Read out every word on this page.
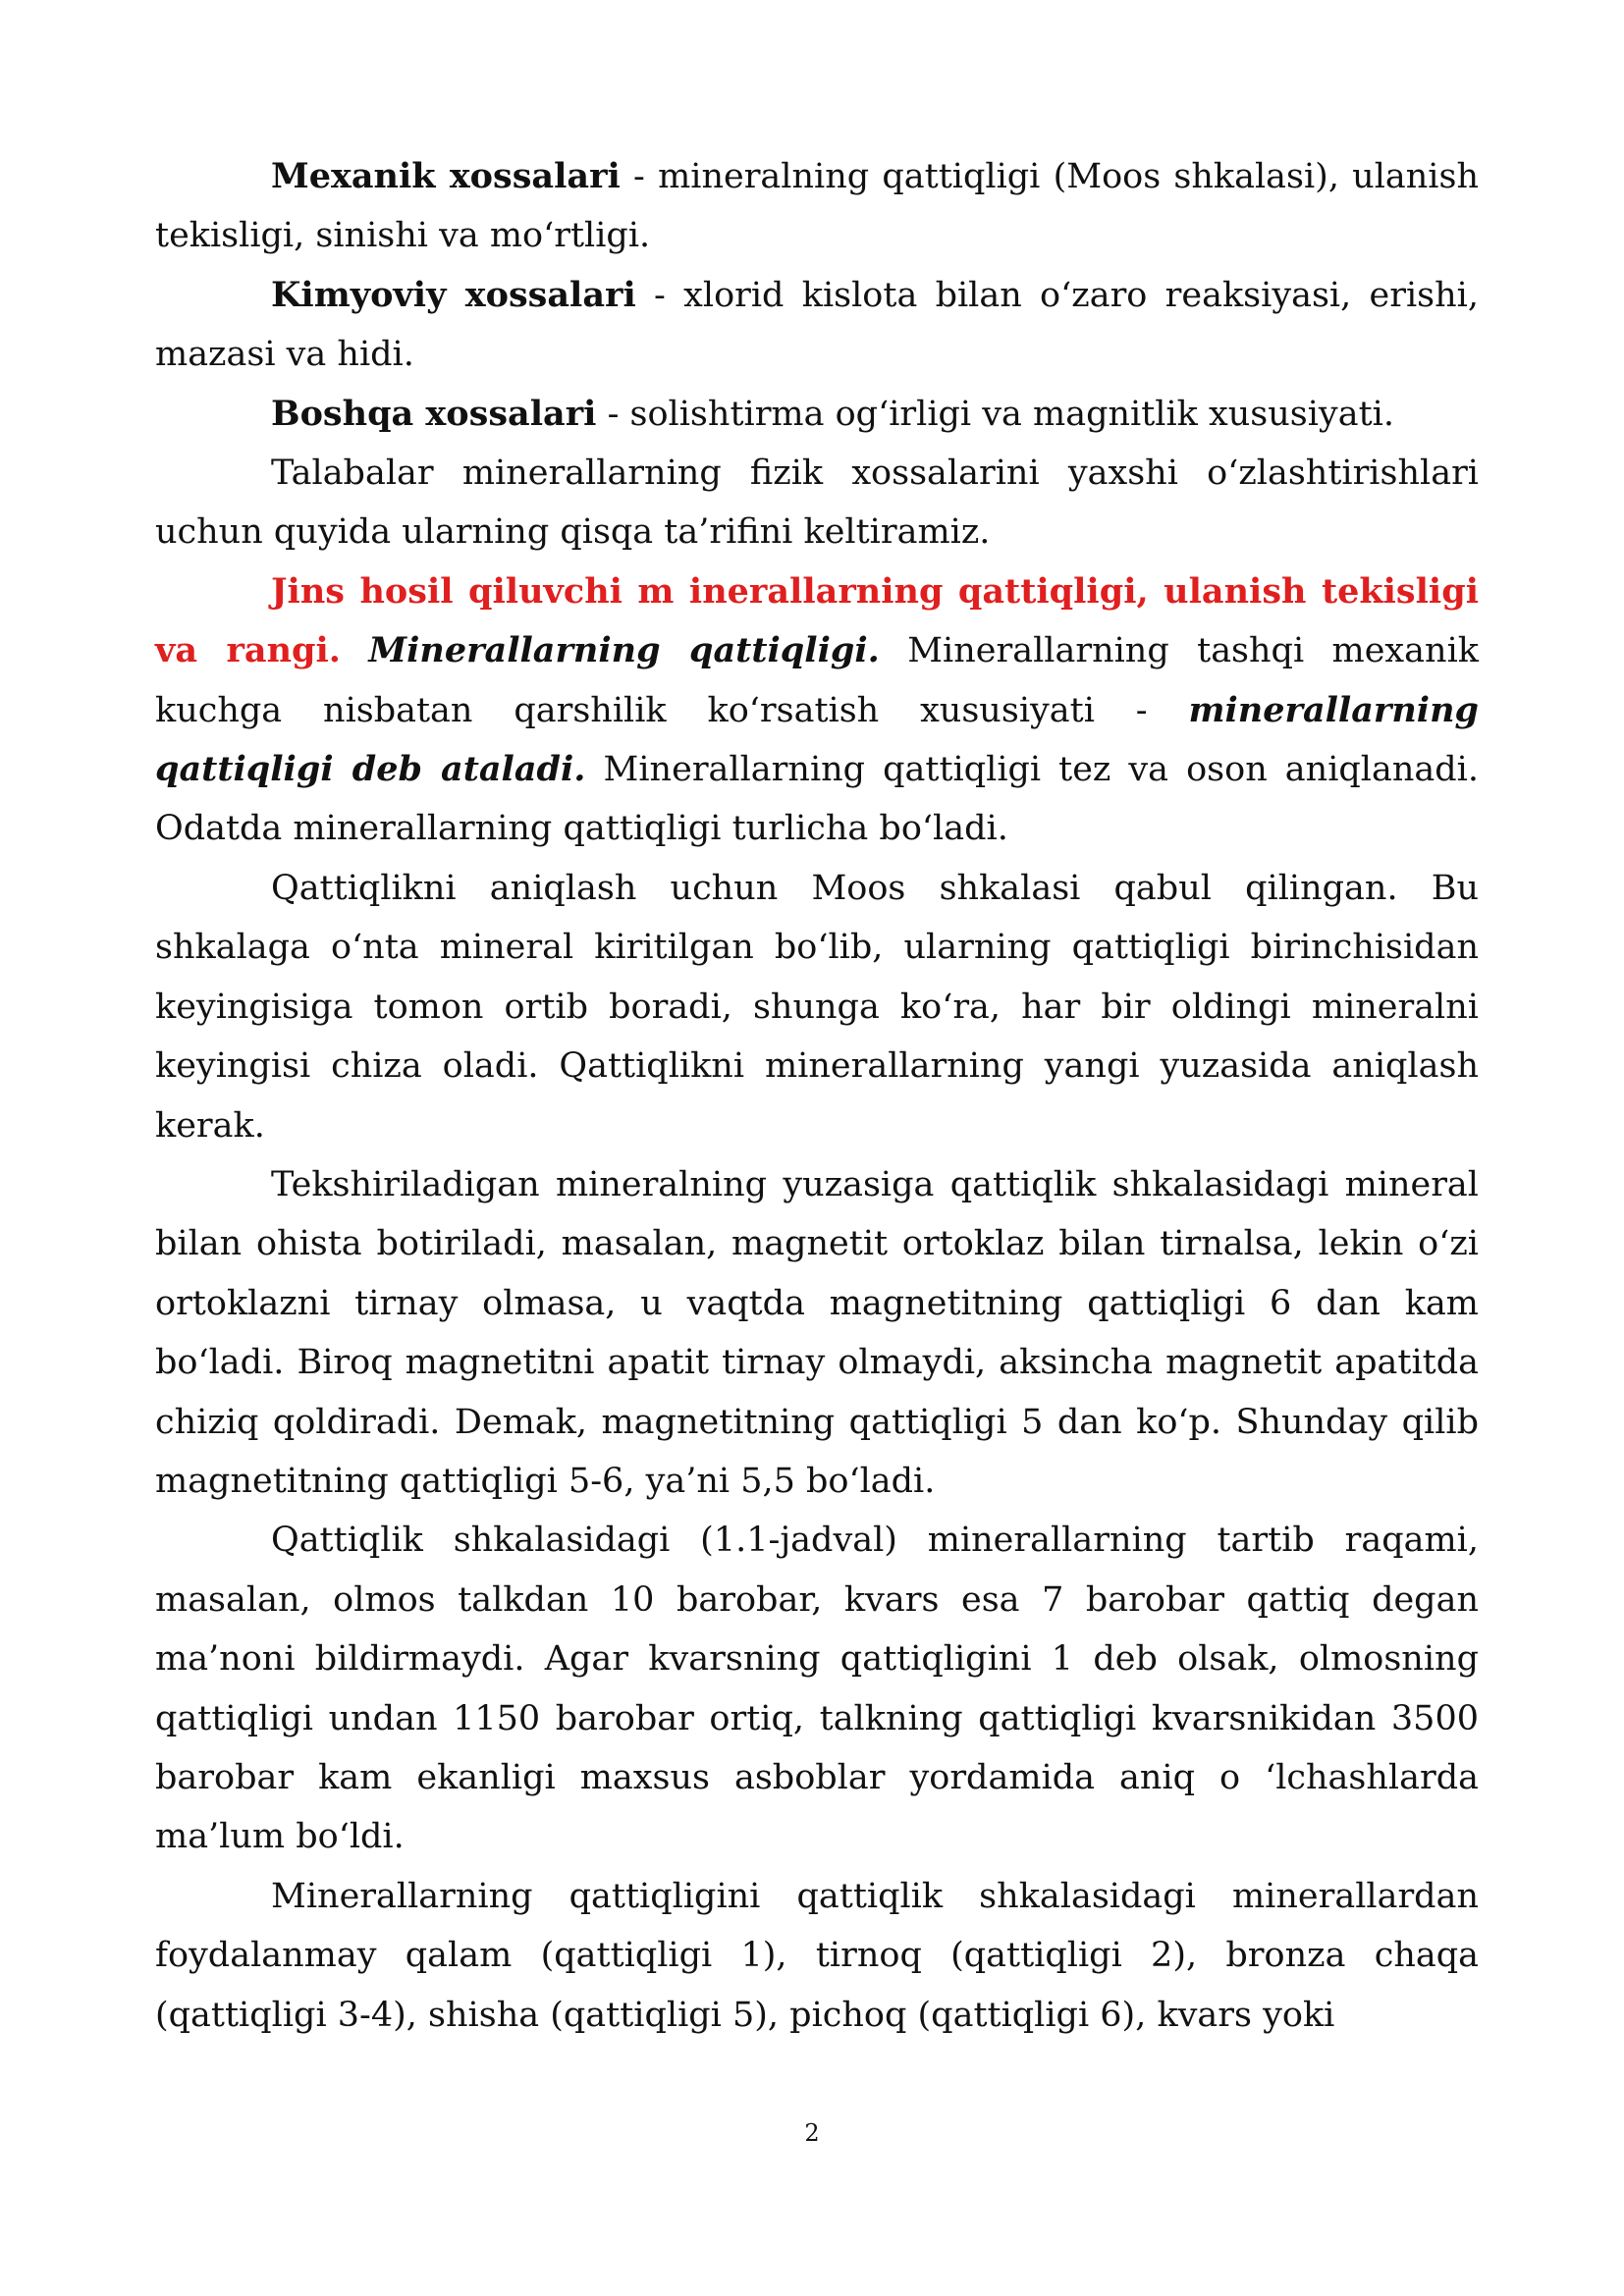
Mexanik xossalari - mineralning qattiqligi (Moos shkalasi), ulanish tekisligi, sinishi va mo‘rtligi.

Kimyoviy xossalari - xlorid kislota bilan o‘zaro reaksiyasi, erishi, mazasi va hidi.

Boshqa xossalari - solishtirma og‘irligi va magnitlik xususiyati.

Talabalar minerallarning fizik xossalarini yaxshi o‘zlashtirishlari uchun quyida ularning qisqa ta’rifini keltiramiz.

Jins hosil qiluvchi m inerallarning qattiqligi, ulanish tekisligi va rangi. Minerallarning qattiqligi. Minerallarning tashqi mexanik kuchga nisbatan qarshilik ko‘rsatish xususiyati - minerallarning qattiqligi deb ataladi. Minerallarning qattiqligi tez va oson aniqlanadi. Odatda minerallarning qattiqligi turlicha bo‘ladi.

Qattiqlikni aniqlash uchun Moos shkalasi qabul qilingan. Bu shkalaga o‘nta mineral kiritilgan bo‘lib, ularning qattiqligi birinchisidan keyingisiga tomon ortib boradi, shunga ko‘ra, har bir oldingi mineralni keyingisi chiza oladi. Qattiqlikni minerallarning yangi yuzasida aniqlash kerak.

Tekshiriladigan mineralning yuzasiga qattiqlik shkalasidagi mineral bilan ohista botiriladi, masalan, magnetit ortoklaz bilan tirnalsa, lekin o‘zi ortoklazni tirnay olmasa, u vaqtda magnetitning qattiqligi 6 dan kam bo‘ladi. Biroq magnetitni apatit tirnay olmaydi, aksincha magnetit apatitda chiziq qoldiradi. Demak, magnetitning qattiqligi 5 dan ko‘p. Shunday qilib magnetitning qattiqligi 5-6, ya’ni 5,5 bo‘ladi.

Qattiqlik shkalasidagi (1.1-jadval) minerallarning tartib raqami, masalan, olmos talkdan 10 barobar, kvars esa 7 barobar qattiq degan ma’noni bildirmaydi. Agar kvarsning qattiqligini 1 deb olsak, olmosning qattiqligi undan 1150 barobar ortiq, talkning qattiqligi kvarsnikidan 3500 barobar kam ekanligi maxsus asboblar yordamida aniq o ‘lchashlarda ma’lum bo‘ldi.

Minerallarning qattiqligini qattiqlik shkalasidagi minerallardan foydalanmay qalam (qattiqligi 1), tirnoq (qattiqligi 2), bronza chaqa (qattiqligi 3-4), shisha (qattiqligi 5), pichoq (qattiqligi 6), kvars yoki

2
